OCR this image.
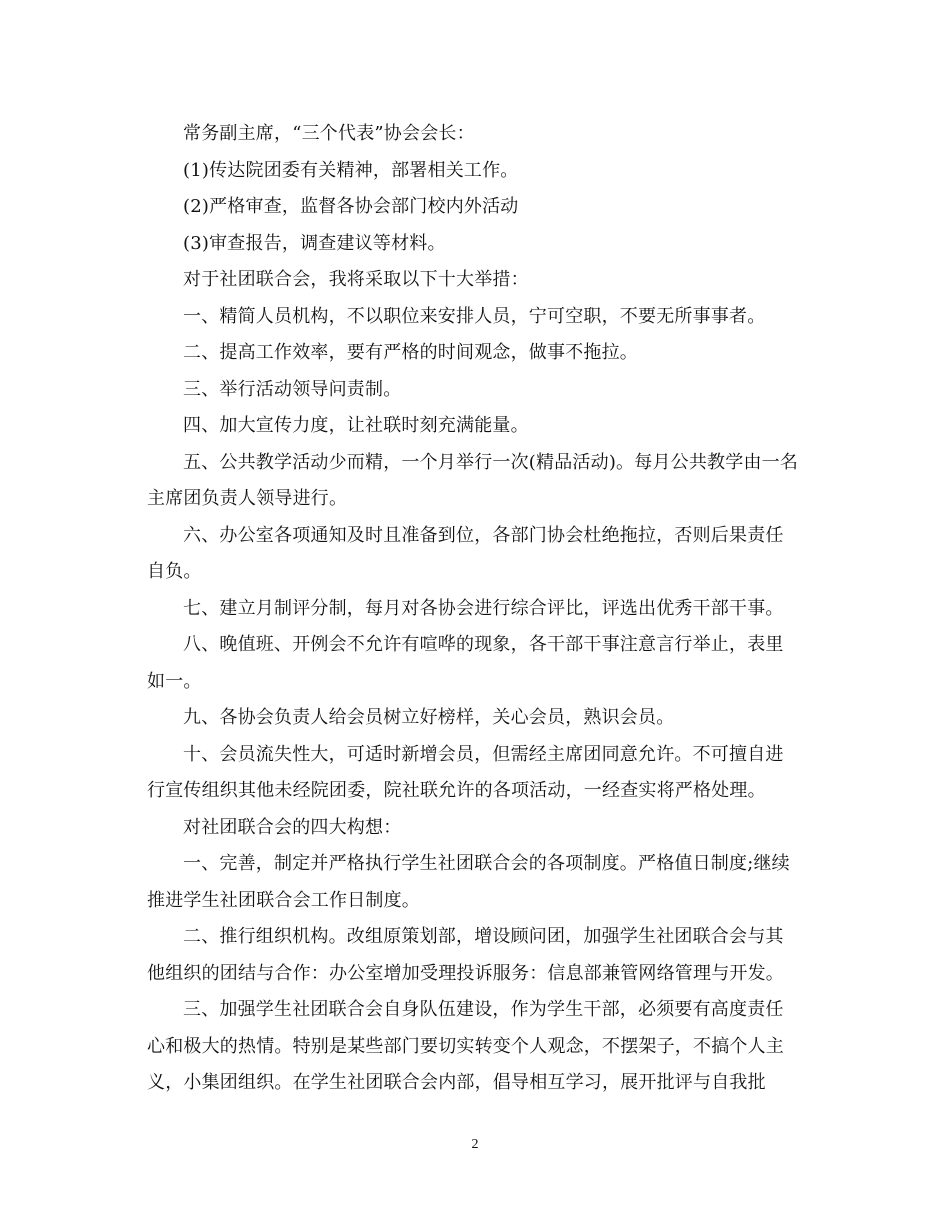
常务副主席，“三个代表”协会会长：

(1)传达院团委有关精神，部署相关工作。

(2)严格审查，监督各协会部门校内外活动

(3)审查报告，调查建议等材料。

对于社团联合会，我将采取以下十大举措：

一、精简人员机构，不以职位来安排人员，宁可空职，不要无所事事者。

二、提高工作效率，要有严格的时间观念，做事不拖拉。

三、举行活动领导问责制。

四、加大宣传力度，让社联时刻充满能量。

五、公共教学活动少而精，一个月举行一次(精品活动)。每月公共教学由一名主席团负责人领导进行。

六、办公室各项通知及时且准备到位，各部门协会杜绝拖拉，否则后果责任自负。

七、建立月制评分制，每月对各协会进行综合评比，评选出优秀干部干事。

八、晚值班、开例会不允许有喧哗的现象，各干部干事注意言行举止，表里如一。

九、各协会负责人给会员树立好榜样，关心会员，熟识会员。

十、会员流失性大，可适时新增会员，但需经主席团同意允许。不可擅自进行宣传组织其他未经院团委，院社联允许的各项活动，一经查实将严格处理。

对社团联合会的四大构想：

一、完善，制定并严格执行学生社团联合会的各项制度。严格值日制度;继续推进学生社团联合会工作日制度。

二、推行组织机构。改组原策划部，增设顾问团，加强学生社团联合会与其他组织的团结与合作：办公室增加受理投诉服务：信息部兼管网络管理与开发。

三、加强学生社团联合会自身队伍建设，作为学生干部，必须要有高度责任心和极大的热情。特别是某些部门要切实转变个人观念，不摆架子，不搞个人主义，小集团组织。在学生社团联合会内部，倡导相互学习，展开批评与自我批

2
